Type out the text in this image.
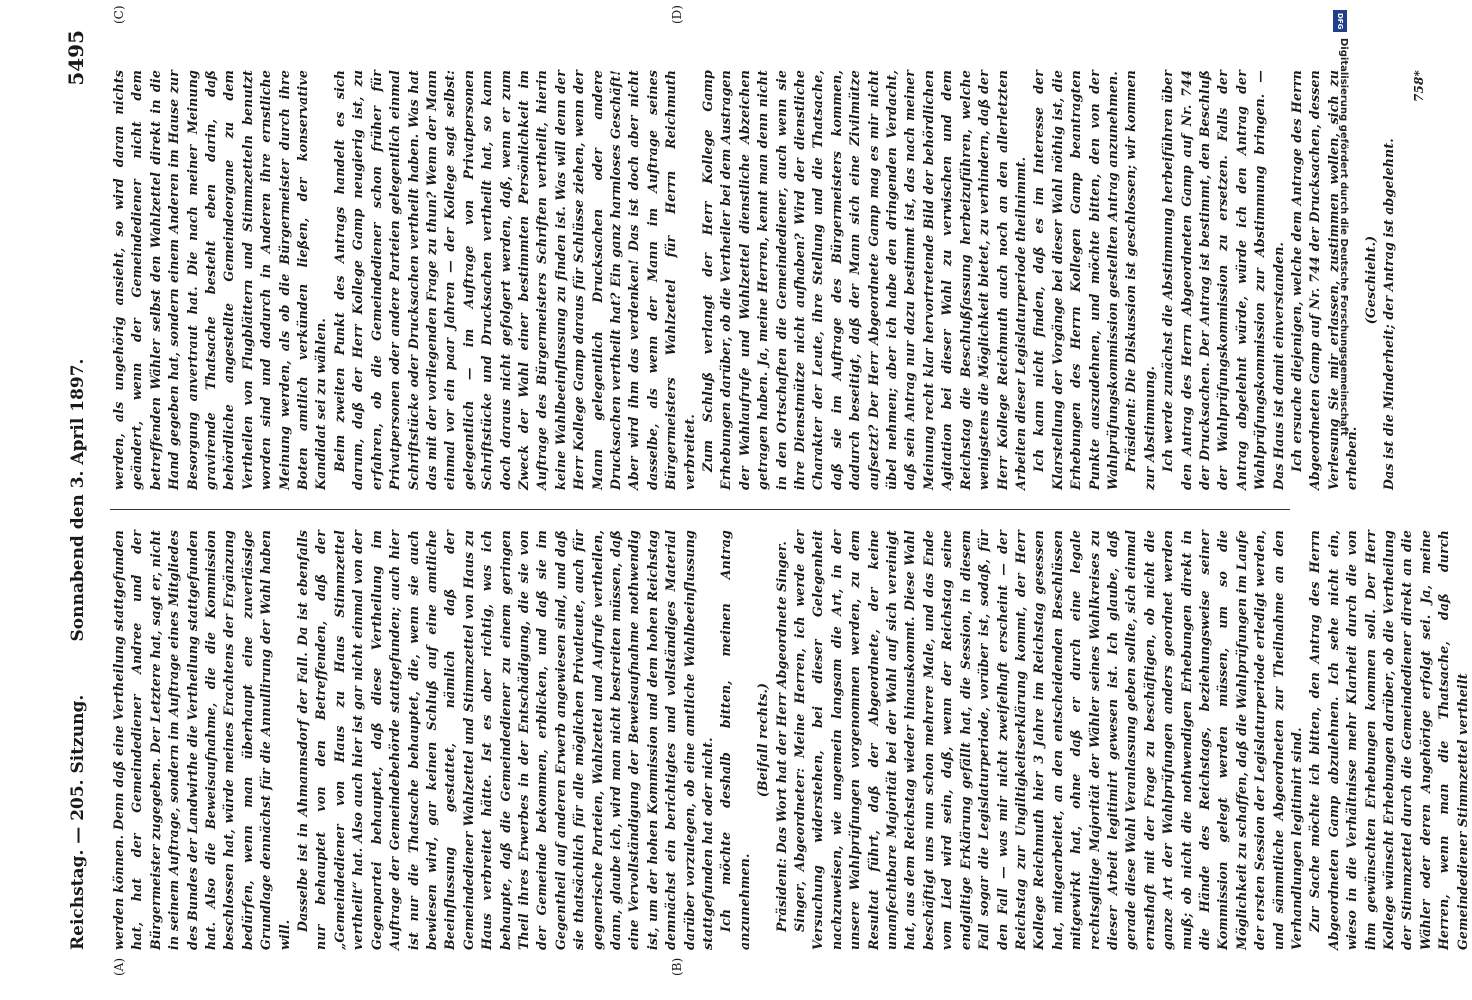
Reichstag. — 205. Sitzung.
Sonnabend den 3. April 1897.
5495
(A)	(B)
(C)	(D)

werden können. Denn daß eine Vertheilung stattgefunden hat, hat der Gemeindediener Andree und der Bürgermeister zugegeben. Der Letztere hat, sagt er, nicht in seinem Auftrage, sondern im Auftrage eines Mitgliedes des Bundes der Landwirthe die Vertheilung stattgefunden hat. Also die Beweisaufnahme, die die Kommission beschlossen hat, würde meines Erachtens der Ergänzung bedürfen, wenn man überhaupt eine zuverlässige Grundlage dennächst für die Annullirung der Wahl haben will.

Dasselbe ist in Ahmannsdorf der Fall. Da ist ebenfalls nur behauptet von den Betreffenden, daß der „Gemeindediener von Haus zu Haus Stimmzettel vertheilt“ hat. Also auch hier ist gar nicht einmal von der Gegenpartei behauptet, daß diese Vertheilung im Auftrage der Gemeindebehörde stattgefunden; auch hier ist nur die Thatsache behauptet, die, wenn sie auch bewiesen wird, gar keinen Schluß auf eine amtliche Beeinflussung gestattet, nämlich daß der Gemeindediener Wahlzettel und Stimmzettel von Haus zu Haus verbreitet hätte. Ist es aber richtig, was ich behaupte, daß die Gemeindediener zu einem geringen Theil ihres Erwerbes in der Entschädigung, die sie von der Gemeinde bekommen, erblicken, und daß sie im Gegentheil auf anderen Erwerb angewiesen sind, und daß sie thatsächlich für alle möglichen Privatleute, auch für gegnerische Parteien, Wahlzettel und Aufrufe vertheilen, dann, glaube ich, wird man nicht bestreiten müssen, daß eine Vervollständigung der Beweisaufnahme nothwendig ist, um der hohen Kommission und dem hohen Reichstag demnächst ein berichtigtes und vollständiges Material darüber vorzulegen, ob eine amtliche Wahlbeeinflussung stattgefunden hat oder nicht. Ich möchte deshalb bitten, meinen Antrag anzunehmen.

(Beifall rechts.) Präsident: Das Wort hat der Herr Abgeordnete Singer. Singer, Abgeordneter: Meine Herren, ich werde der Versuchung widerstehen, bei dieser Gelegenheit nachzuweisen, wie ungemein langsam die Art, in der unsere Wahlprüfungen vorgenommen werden, zu dem Resultat führt, daß der Abgeordnete, der keine unanfechtbare Majorität bei der Wahl auf sich vereinigt hat, aus dem Reichstag wieder hinauskommt. Diese Wahl beschäftigt uns nun schon mehrere Male, und das Ende vom Lied wird sein, daß, wenn der Reichstag seine endgiltige Erklärung gefällt hat, die Session, in diesem Fall sogar die Legislaturperiode, vorüber ist, sodaß, für den Fall — was mir nicht zweifelhaft erscheint — der Reichstag zur Ungiltigkeitserklärung kommt, der Herr Kollege Reichmuth hier 3 Jahre im Reichstag gesessen hat, mitgearbeitet, an den entscheidenden Beschlüssen mitgewirkt hat, ohne daß er durch eine legale rechtsgiltige Majorität der Wähler seines Wahlkreises zu dieser Arbeit legitimirt gewesen ist. Ich glaube, daß gerade diese Wahl Veranlassung geben sollte, sich einmal ernsthaft mit der Frage zu beschäftigen, ob nicht die ganze Art der Wahlprüfungen anders geordnet werden muß; ob nicht die nothwendigen Erhebungen direkt in die Hände des Reichstags, beziehungsweise seiner Kommission gelegt werden müssen, um so die Möglichkeit zu schaffen, daß die Wahlprüfungen im Laufe der ersten Session der Legislaturperiode erledigt werden, und sämmtliche Abgeordneten zur Theilnahme an den Verhandlungen legitimirt sind. Zur Sache möchte ich bitten, den Antrag des Herrn Abgeordneten Gamp abzulehnen. Ich sehe nicht ein, wieso in die Verhältnisse mehr Klarheit durch die von ihm gewünschten Erhebungen kommen soll. Der Herr Kollege wünscht Erhebungen darüber, ob die Vertheilung der Stimmzettel durch die Gemeindediener direkt an die Wähler oder deren Angehörige erfolgt sei. Ja, meine Herren, wenn man die Thatsache, daß durch Gemeindediener Stimmzettel vertheilt

werden, als ungehörig ansieht, so wird daran nichts geändert, wenn der Gemeindediener nicht dem betreffenden Wähler selbst den Wahlzettel direkt in die Hand gegeben hat, sondern einem Anderen im Hause zur Besorgung anvertraut hat. Die nach meiner Meinung gravirende Thatsache besteht eben darin, daß behördliche angestellte Gemeindeorgane zu dem Vertheilen von Flugblättern und Stimmzetteln benutzt worden sind und dadurch in Anderen ihre ernstliche Meinung werden, als ob die Bürgermeister durch ihre Boten amtlich verkünden ließen, der konservative Kandidat sei zu wählen. Beim zweiten Punkt des Antrags handelt es sich darum, daß der Herr Kollege Gamp neugierig ist, zu erfahren, ob die Gemeindediener schon früher für Privatpersonen oder andere Parteien gelegentlich einmal Schriftstücke oder Drucksachen vertheilt haben. Was hat das mit der vorliegenden Frage zu thun? Wenn der Mann einmal vor ein paar Jahren — der Kollege sagt selbst: gelegentlich — im Auftrage von Privatpersonen Schriftstücke und Drucksachen vertheilt hat, so kann doch daraus nicht gefolgert werden, daß, wenn er zum Zweck der Wahl einer bestimmten Persönlichkeit im Auftrage des Bürgermeisters Schriften vertheilt, hierin keine Wahlbeeinflussung zu finden ist. Was will denn der Herr Kollege Gamp daraus für Schlüsse ziehen, wenn der Mann gelegentlich Drucksachen oder andere Drucksachen vertheilt hat? Ein ganz harmloses Geschäft! Aber wird ihm das verdenken! Das ist doch aber nicht dasselbe, als wenn der Mann im Auftrage seines Bürgermeisters Wahlzettel für Herrn Reichmuth verbreitet. Zum Schluß verlangt der Herr Kollege Gamp Erhebungen darüber, ob die Vertheiler bei dem Austragen der Wahlaufrufe und Wahlzettel dienstliche Abzeichen getragen haben. Ja, meine Herren, kennt man denn nicht in den Ortschaften die Gemeindediener, auch wenn sie ihre Dienstmütze nicht aufhaben? Wird der dienstliche Charakter der Leute, ihre Stellung und die Thatsache, daß sie im Auftrage des Bürgermeisters kommen, dadurch beseitigt, daß der Mann sich eine Zivilmütze aufsetzt? Der Herr Abgeordnete Gamp mag es mir nicht übel nehmen; aber ich habe den dringenden Verdacht, daß sein Antrag nur dazu bestimmt ist, das nach meiner Meinung recht klar hervortretende Bild der behördlichen Agitation bei dieser Wahl zu verwischen und dem Reichstag die Beschlußfassung herbeizuführen, welche wenigstens die Möglichkeit bietet, zu verhindern, daß der Herr Kollege Reichmuth auch noch an den allerletzten Arbeiten dieser Legislaturperiode theilnimmt. Ich kann nicht finden, daß es im Interesse der Klarstellung der Vorgänge bei dieser Wahl nöthig ist, die Erhebungen des Herrn Kollegen Gamp beantragten Punkte auszudehnen, und möchte bitten, den von der Wahlprüfungskommission gestellten Antrag anzunehmen. Präsident: Die Diskussion ist geschlossen; wir kommen zur Abstimmung. Ich werde zunächst die Abstimmung herbeiführen über den Antrag des Herrn Abgeordneten Gamp auf Nr. 744 der Drucksachen. Der Antrag ist bestimmt, den Beschluß der Wahlprüfungskommission zu ersetzen. Falls der Antrag abgelehnt würde, würde ich den Antrag der Wahlprüfungskommission zur Abstimmung bringen. — Das Haus ist damit einverstanden. Ich ersuche diejenigen, welche dem Antrage des Herrn Abgeordneten Gamp auf Nr. 744 der Drucksachen, dessen Verlesung Sie mir erlassen, zustimmen wollen, sich zu erheben.

(Geschieht.) Das ist die Minderheit; der Antrag ist abgelehnt.

758*
DFG
Digitalisierung gefördert durch die Deutsche Forschungsgemeinschaft
